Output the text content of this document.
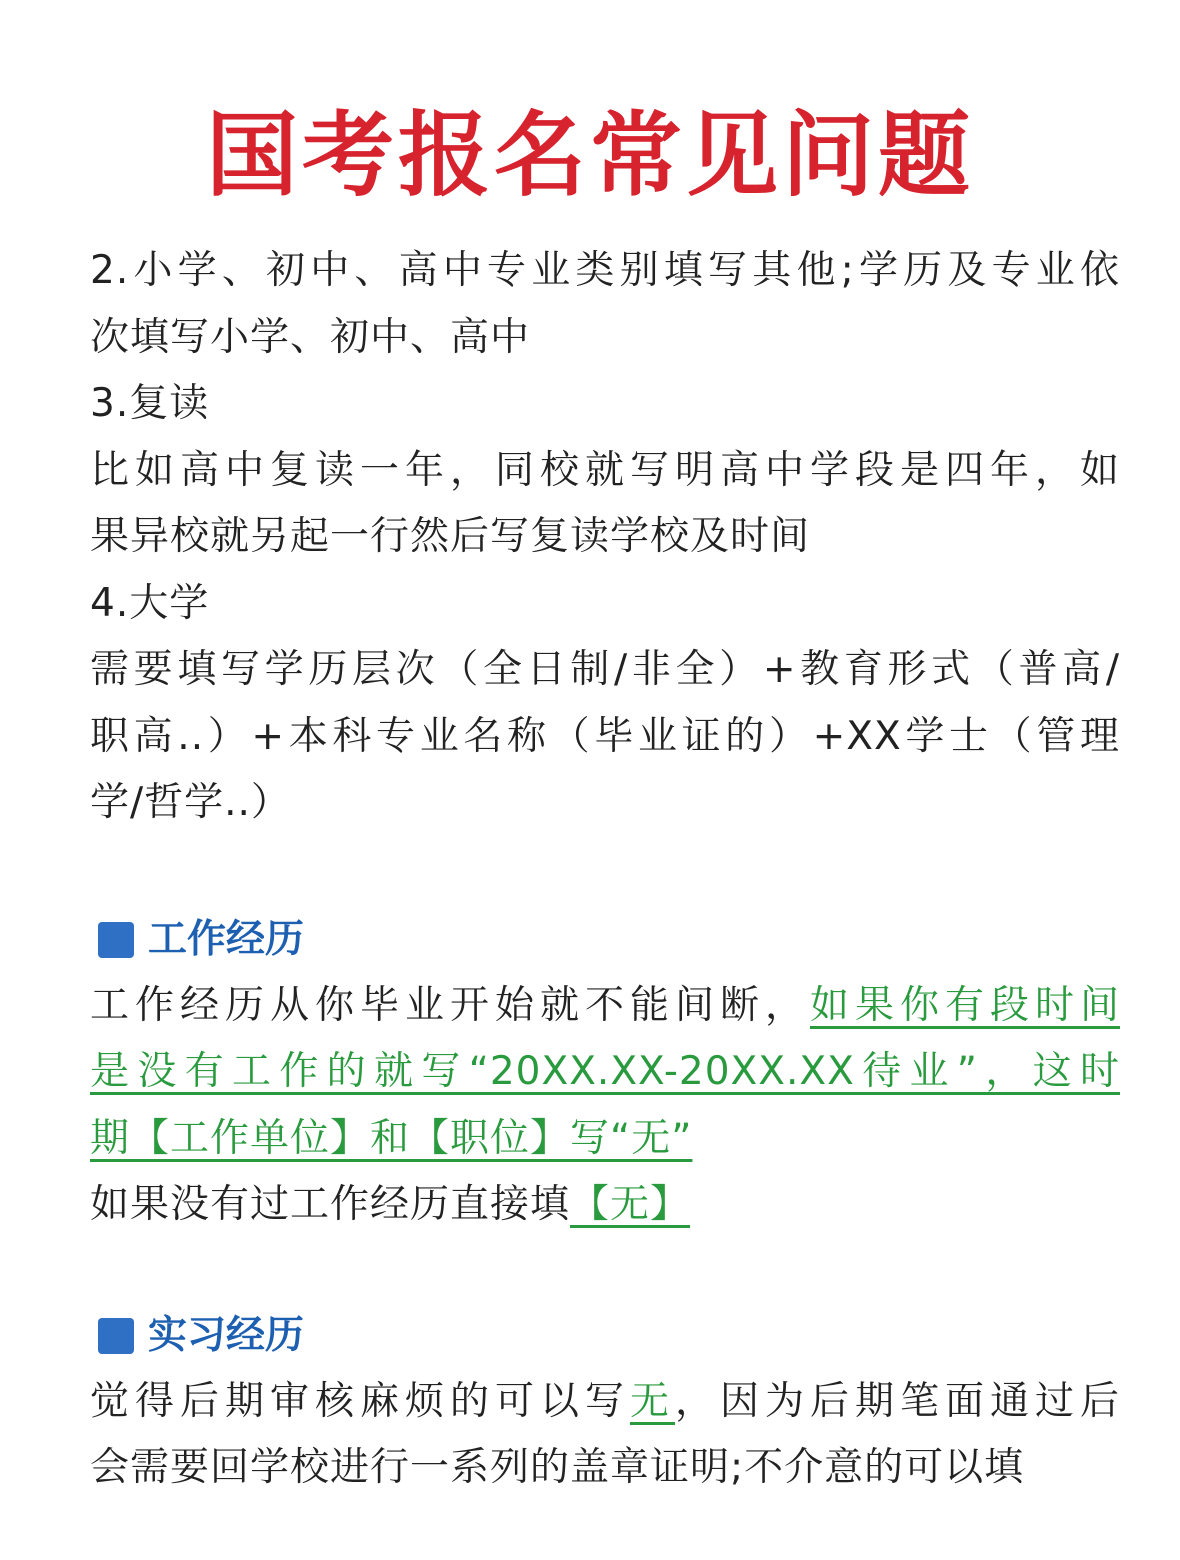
国考报名常见问题
2.小学、初中、高中专业类别填写其他;学历及专业依
次填写小学、初中、高中
3.复读
比如高中复读一年，同校就写明高中学段是四年，如
果异校就另起一行然后写复读学校及时间
4.大学
需要填写学历层次（全日制/非全）+教育形式（普高/
职高..）+本科专业名称（毕业证的）+XX学士（管理
学/哲学..）
工作经历
工作经历从你毕业开始就不能间断，如果你有段时间
是没有工作的就写“20XX.XX-20XX.XX待业”，这时
期【工作单位】和【职位】写“无”
如果没有过工作经历直接填【无】
实习经历
觉得后期审核麻烦的可以写无，因为后期笔面通过后
会需要回学校进行一系列的盖章证明;不介意的可以填
